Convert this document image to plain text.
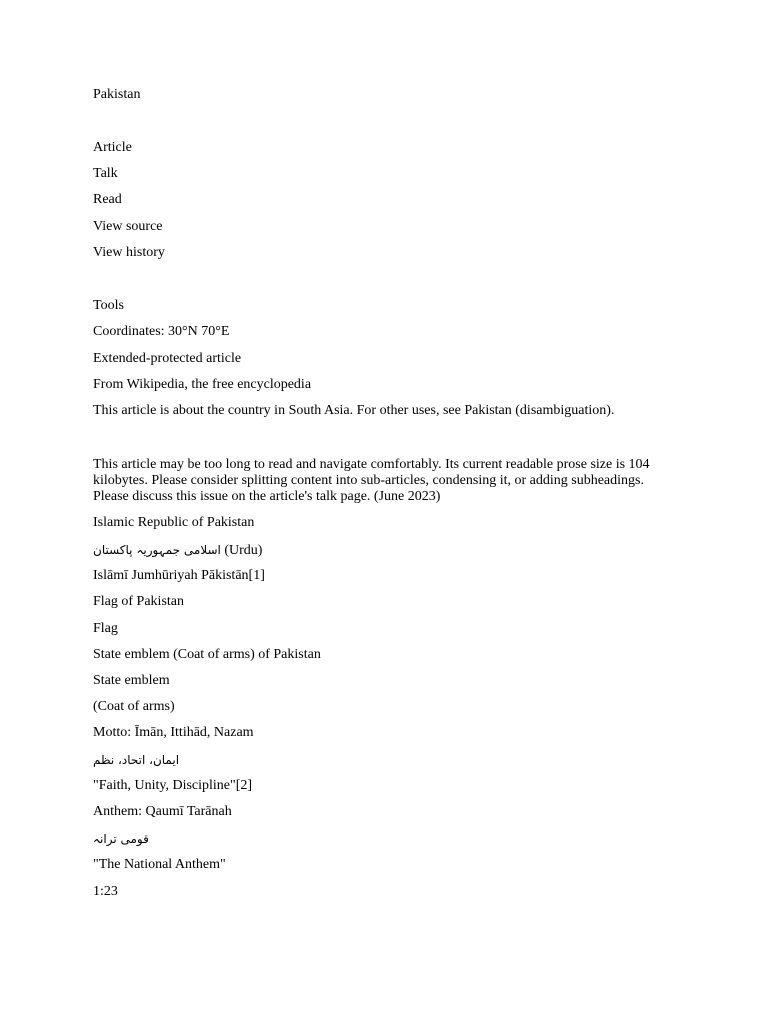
Pakistan
Article
Talk
Read
View source
View history
Tools
Coordinates: 30°N 70°E
Extended-protected article
From Wikipedia, the free encyclopedia
This article is about the country in South Asia. For other uses, see Pakistan (disambiguation).
This article may be too long to read and navigate comfortably. Its current readable prose size is 104 kilobytes. Please consider splitting content into sub-articles, condensing it, or adding subheadings. Please discuss this issue on the article's talk page. (June 2023)
Islamic Republic of Pakistan
اسلامی جمہوریہ پاکستان (Urdu)
Islāmī Jumhūriyah Pākistān[1]
Flag of Pakistan
Flag
State emblem (Coat of arms) of Pakistan
State emblem
(Coat of arms)
Motto: Īmān, Ittihād, Nazam
ایمان، اتحاد، نظم
"Faith, Unity, Discipline"[2]
Anthem: Qaumī Tarānah
قومی ترانہ
"The National Anthem"
1:23
